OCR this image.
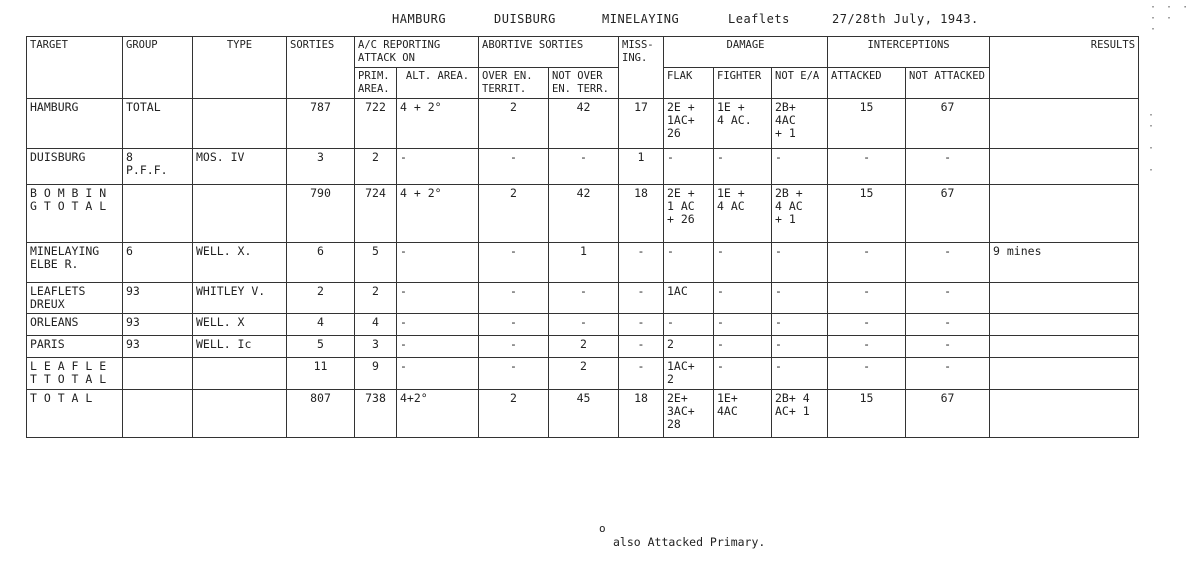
HAMBURG	DUISBURG	MINELAYING	Leaflets	27/28th July, 1943.
TARGET	GROUP	TYPE	SORTIES	A/C REPORTING ATTACK ON		ABORTIVE SORTIES		MISS-ING.	DAMAGE			INTERCEPTIONS		RESULTS
				PRIM. AREA.	ALT. AREA.	OVER EN. TERRIT.	NOT OVER EN. TERR.		FLAK	FIGHTER	NOT E/A	ATTACKED	NOT ATTACKED	
HAMBURG	TOTAL		787	722	4 + 2°	2	42	17	2E +
1AC+
26	1E +
4 AC.	2B+
4AC
+ 1	15	67	
DUISBURG	8
P.F.F.	MOS. IV	3	2	-	-	-	1	-	-	-	-	-	
B O M B I N G T O T A L			790	724	4 + 2°	2	42	18	2E +
1 AC
+ 26	1E +
4 AC	2B +
4 AC
+ 1	15	67	
MINELAYING
ELBE R.	6	WELL. X.	6	5	-	-	1	-	-	-	-	-	-	9 mines
LEAFLETS
DREUX	93	WHITLEY V.	2	2	-	-	-	-	1AC	-	-	-	-	
ORLEANS	93	WELL. X	4	4	-	-	-	-	-	-	-	-	-	
PARIS	93	WELL. Ic	5	3	-	-	2	-	2	-	-	-	-	
L E A F L E T T O T A L			11	9	-	-	2	-	1AC+
2	-	-	-	-	
T O T A L			807	738	4+2°	2	45	18	2E+
3AC+
28	1E+
4AC	2B+ 4
AC+ 1	15	67	
o
also Attacked Primary.
· · ·
· ·
·
·
·

·

·
